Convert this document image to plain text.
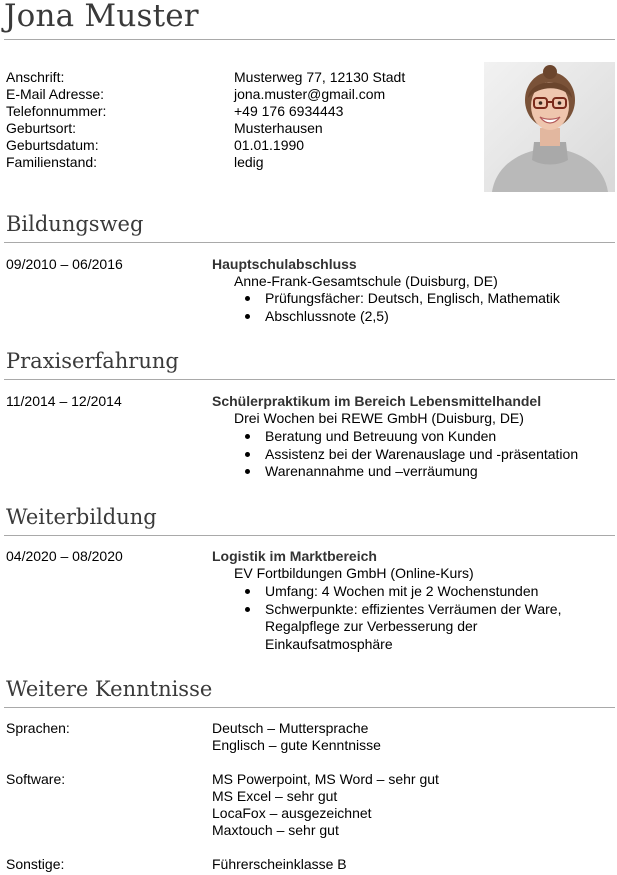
Jona Muster
Anschrift:	Musterweg 77, 12130 Stadt
E-Mail Adresse:	jona.muster@gmail.com
Telefonnummer:	+49 176 6934443
Geburtsort:	Musterhausen
Geburtsdatum:	01.01.1990
Familienstand:	ledig
Bildungsweg
09/2010 – 06/2016	Hauptschulabschluss
Anne-Frank-Gesamtschule (Duisburg, DE)
Prüfungsfächer: Deutsch, Englisch, Mathematik
Abschlussnote (2,5)
Praxiserfahrung
11/2014 – 12/2014	Schülerpraktikum im Bereich Lebensmittelhandel
Drei Wochen bei REWE GmbH (Duisburg, DE)
Beratung und Betreuung von Kunden
Assistenz bei der Warenauslage und -präsentation
Warenannahme und –verräumung
Weiterbildung
04/2020 – 08/2020	Logistik im Marktbereich
EV Fortbildungen GmbH (Online-Kurs)
Umfang: 4 Wochen mit je 2 Wochenstunden
Schwerpunkte: effizientes Verräumen der Ware, Regalpflege zur Verbesserung der Einkaufsatmosphäre
Weitere Kenntnisse
Sprachen:	Deutsch – Muttersprache
Englisch – gute Kenntnisse
Software:	MS Powerpoint, MS Word – sehr gut
MS Excel – sehr gut
LocaFox – ausgezeichnet
Maxtouch – sehr gut
Sonstige:	Führerscheinklasse B
